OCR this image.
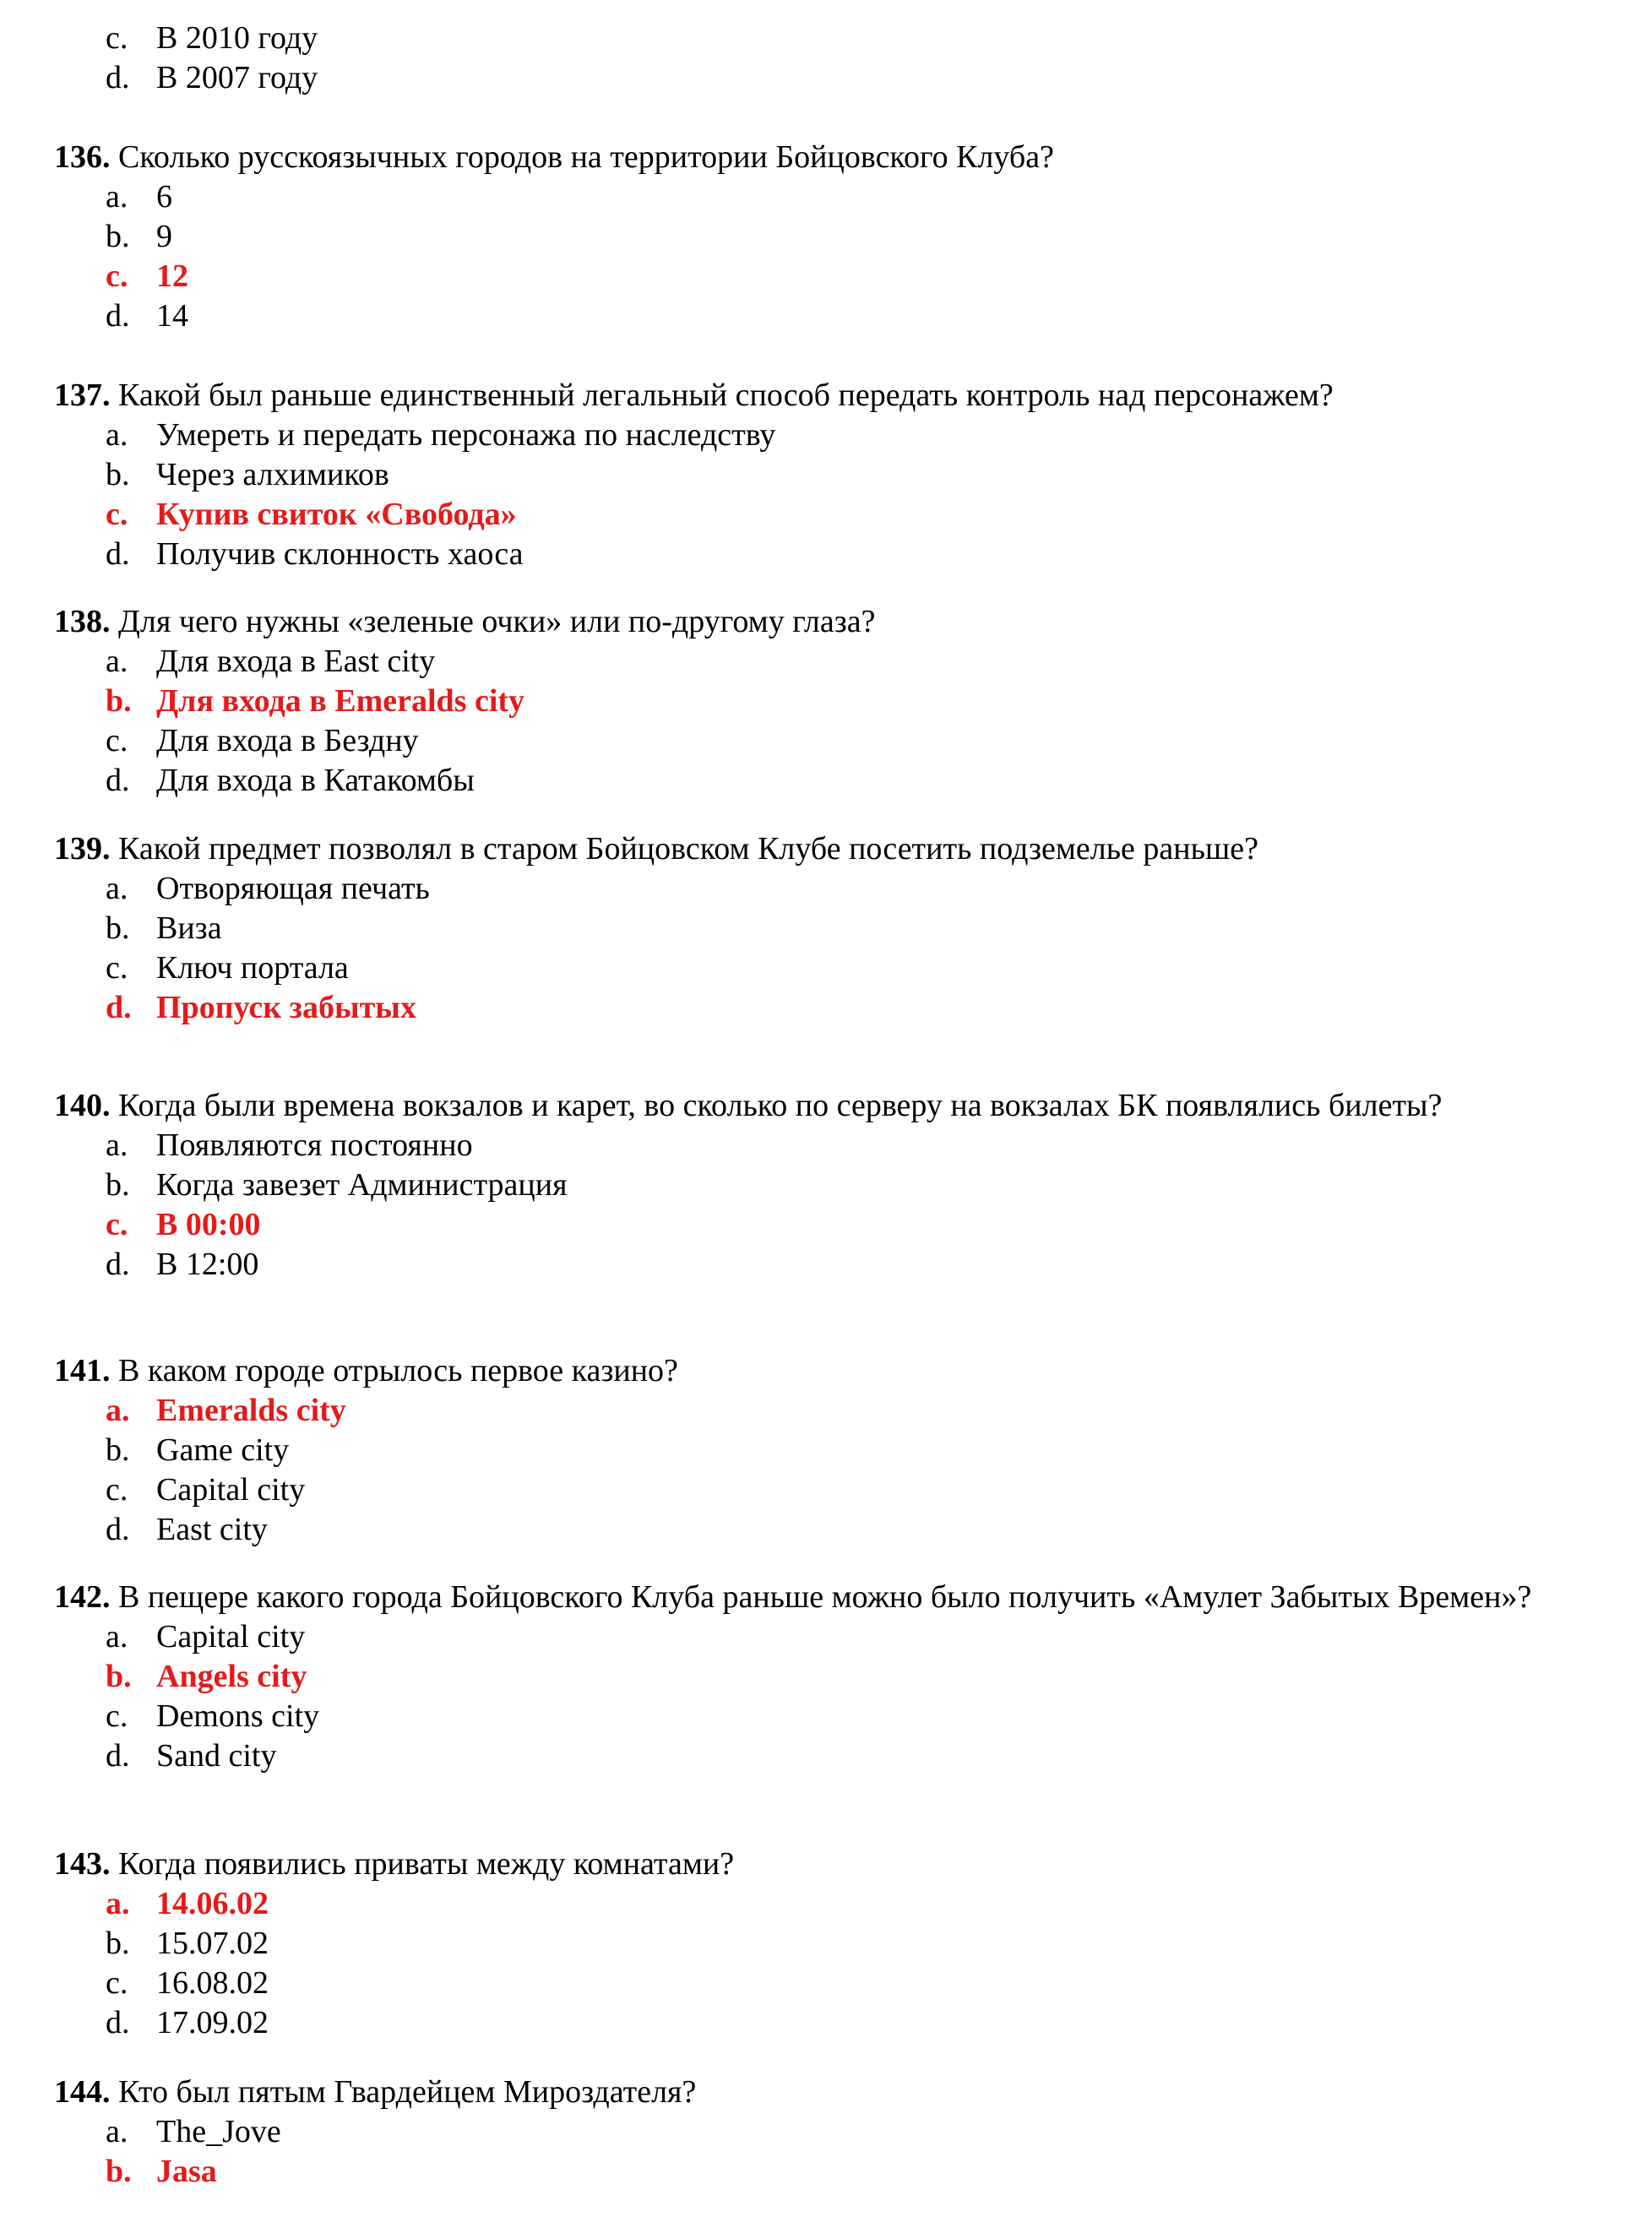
c. В 2010 году
d. В 2007 году

136. Сколько русскоязычных городов на территории Бойцовского Клуба?

a. 6
b. 9
c. 12
d. 14

137. Какой был раньше единственный легальный способ передать контроль над персонажем?

a. Умереть и передать персонажа по наследству
b. Через алхимиков
c. Купив свиток «Свобода»
d. Получив склонность хаоса

138. Для чего нужны «зеленые очки» или по-другому глаза?

a. Для входа в East city
b. Для входа в Emeralds city
c. Для входа в Бездну
d. Для входа в Катакомбы

139. Какой предмет позволял в старом Бойцовском Клубе посетить подземелье раньше?

a. Отворяющая печать
b. Виза
c. Ключ портала
d. Пропуск забытых

140. Когда были времена вокзалов и карет, во сколько по серверу на вокзалах БК появлялись билеты?

a. Появляются постоянно
b. Когда завезет Администрация
c. В 00:00
d. В 12:00

141. В каком городе отрылось первое казино?

a. Emeralds city
b. Game city
c. Capital city
d. East city

142. В пещере какого города Бойцовского Клуба раньше можно было получить «Амулет Забытых Времен»?

a. Capital city
b. Angels city
c. Demons city
d. Sand city

143. Когда появились приваты между комнатами?

a. 14.06.02
b. 15.07.02
c. 16.08.02
d. 17.09.02

144. Кто был пятым Гвардейцем Мироздателя?

a. The_Jove
b. Jasa
